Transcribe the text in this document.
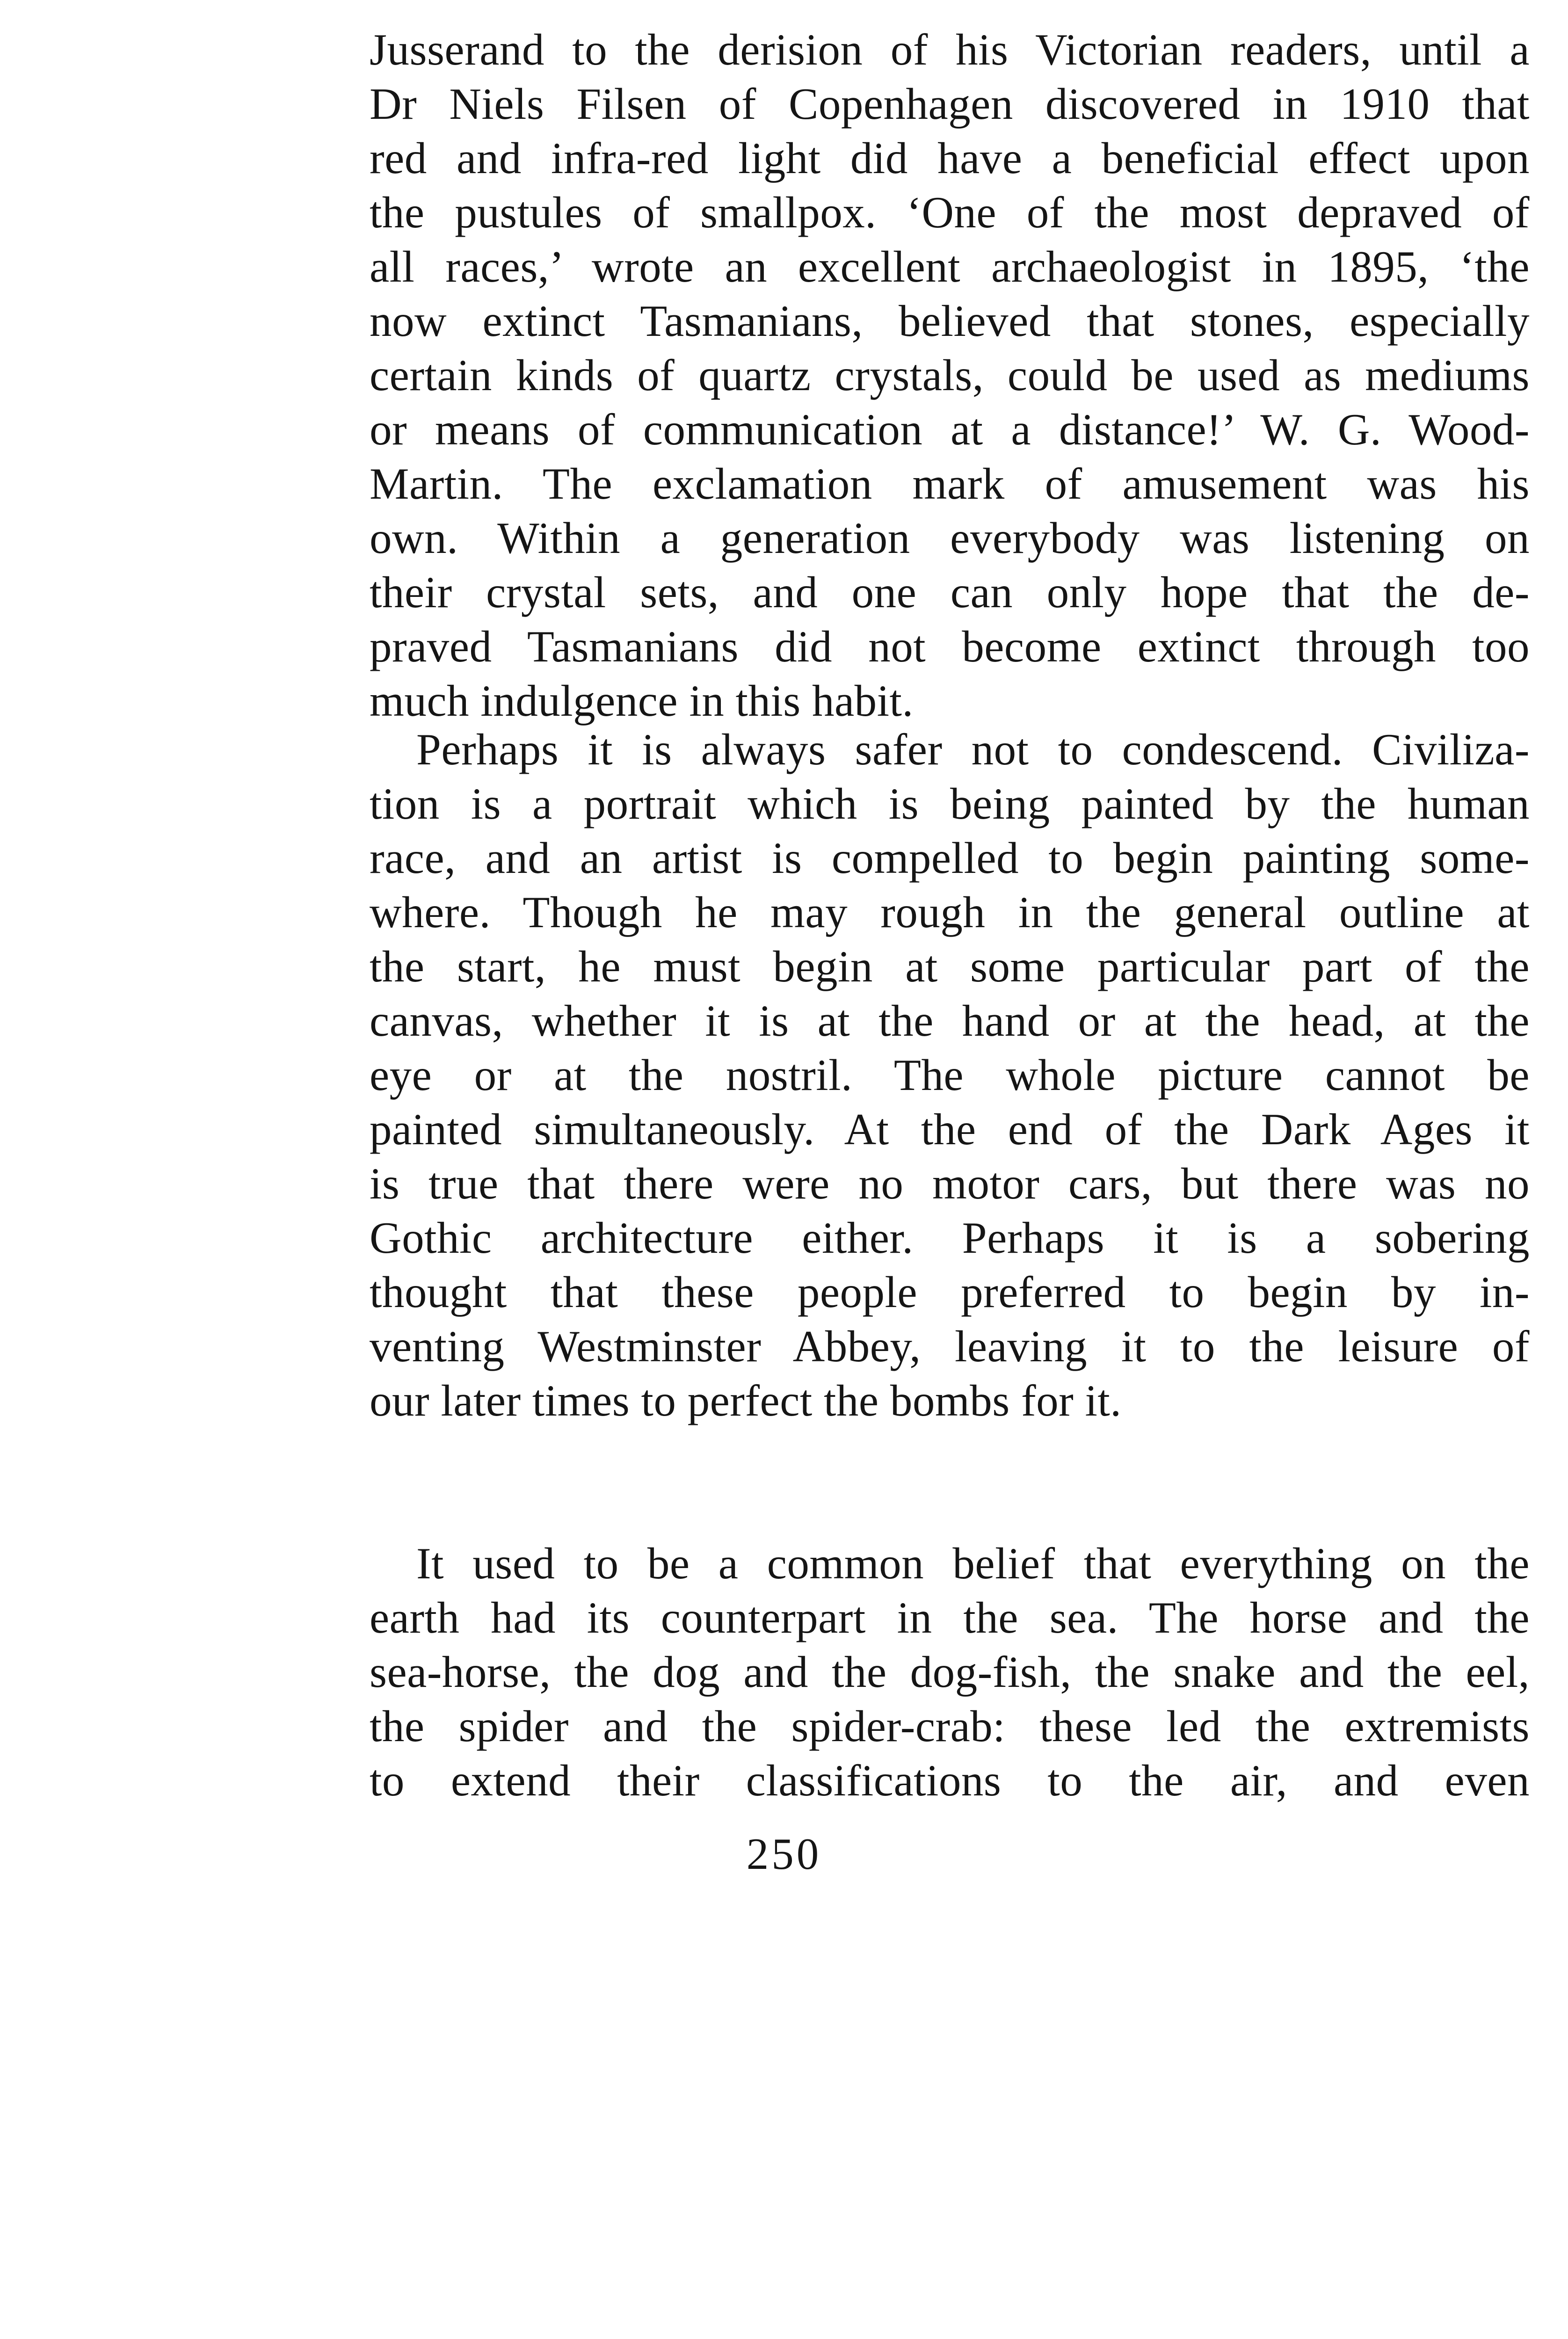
Jusserand to the derision of his Victorian readers, until a
Dr Niels Filsen of Copenhagen discovered in 1910 that
red and infra-red light did have a beneficial effect upon
the pustules of smallpox. ‘One of the most depraved of
all races,’ wrote an excellent archaeologist in 1895, ‘the
now extinct Tasmanians, believed that stones, especially
certain kinds of quartz crystals, could be used as mediums
or means of communication at a distance!’ W. G. Wood-
Martin. The exclamation mark of amusement was his
own. Within a generation everybody was listening on
their crystal sets, and one can only hope that the de-
praved Tasmanians did not become extinct through too
much indulgence in this habit.
Perhaps it is always safer not to condescend. Civiliza-
tion is a portrait which is being painted by the human
race, and an artist is compelled to begin painting some-
where. Though he may rough in the general outline at
the start, he must begin at some particular part of the
canvas, whether it is at the hand or at the head, at the
eye or at the nostril. The whole picture cannot be
painted simultaneously. At the end of the Dark Ages it
is true that there were no motor cars, but there was no
Gothic architecture either. Perhaps it is a sobering
thought that these people preferred to begin by in-
venting Westminster Abbey, leaving it to the leisure of
our later times to perfect the bombs for it.
It used to be a common belief that everything on the
earth had its counterpart in the sea. The horse and the
sea-horse, the dog and the dog-fish, the snake and the eel,
the spider and the spider-crab: these led the extremists
to extend their classifications to the air, and even

250
